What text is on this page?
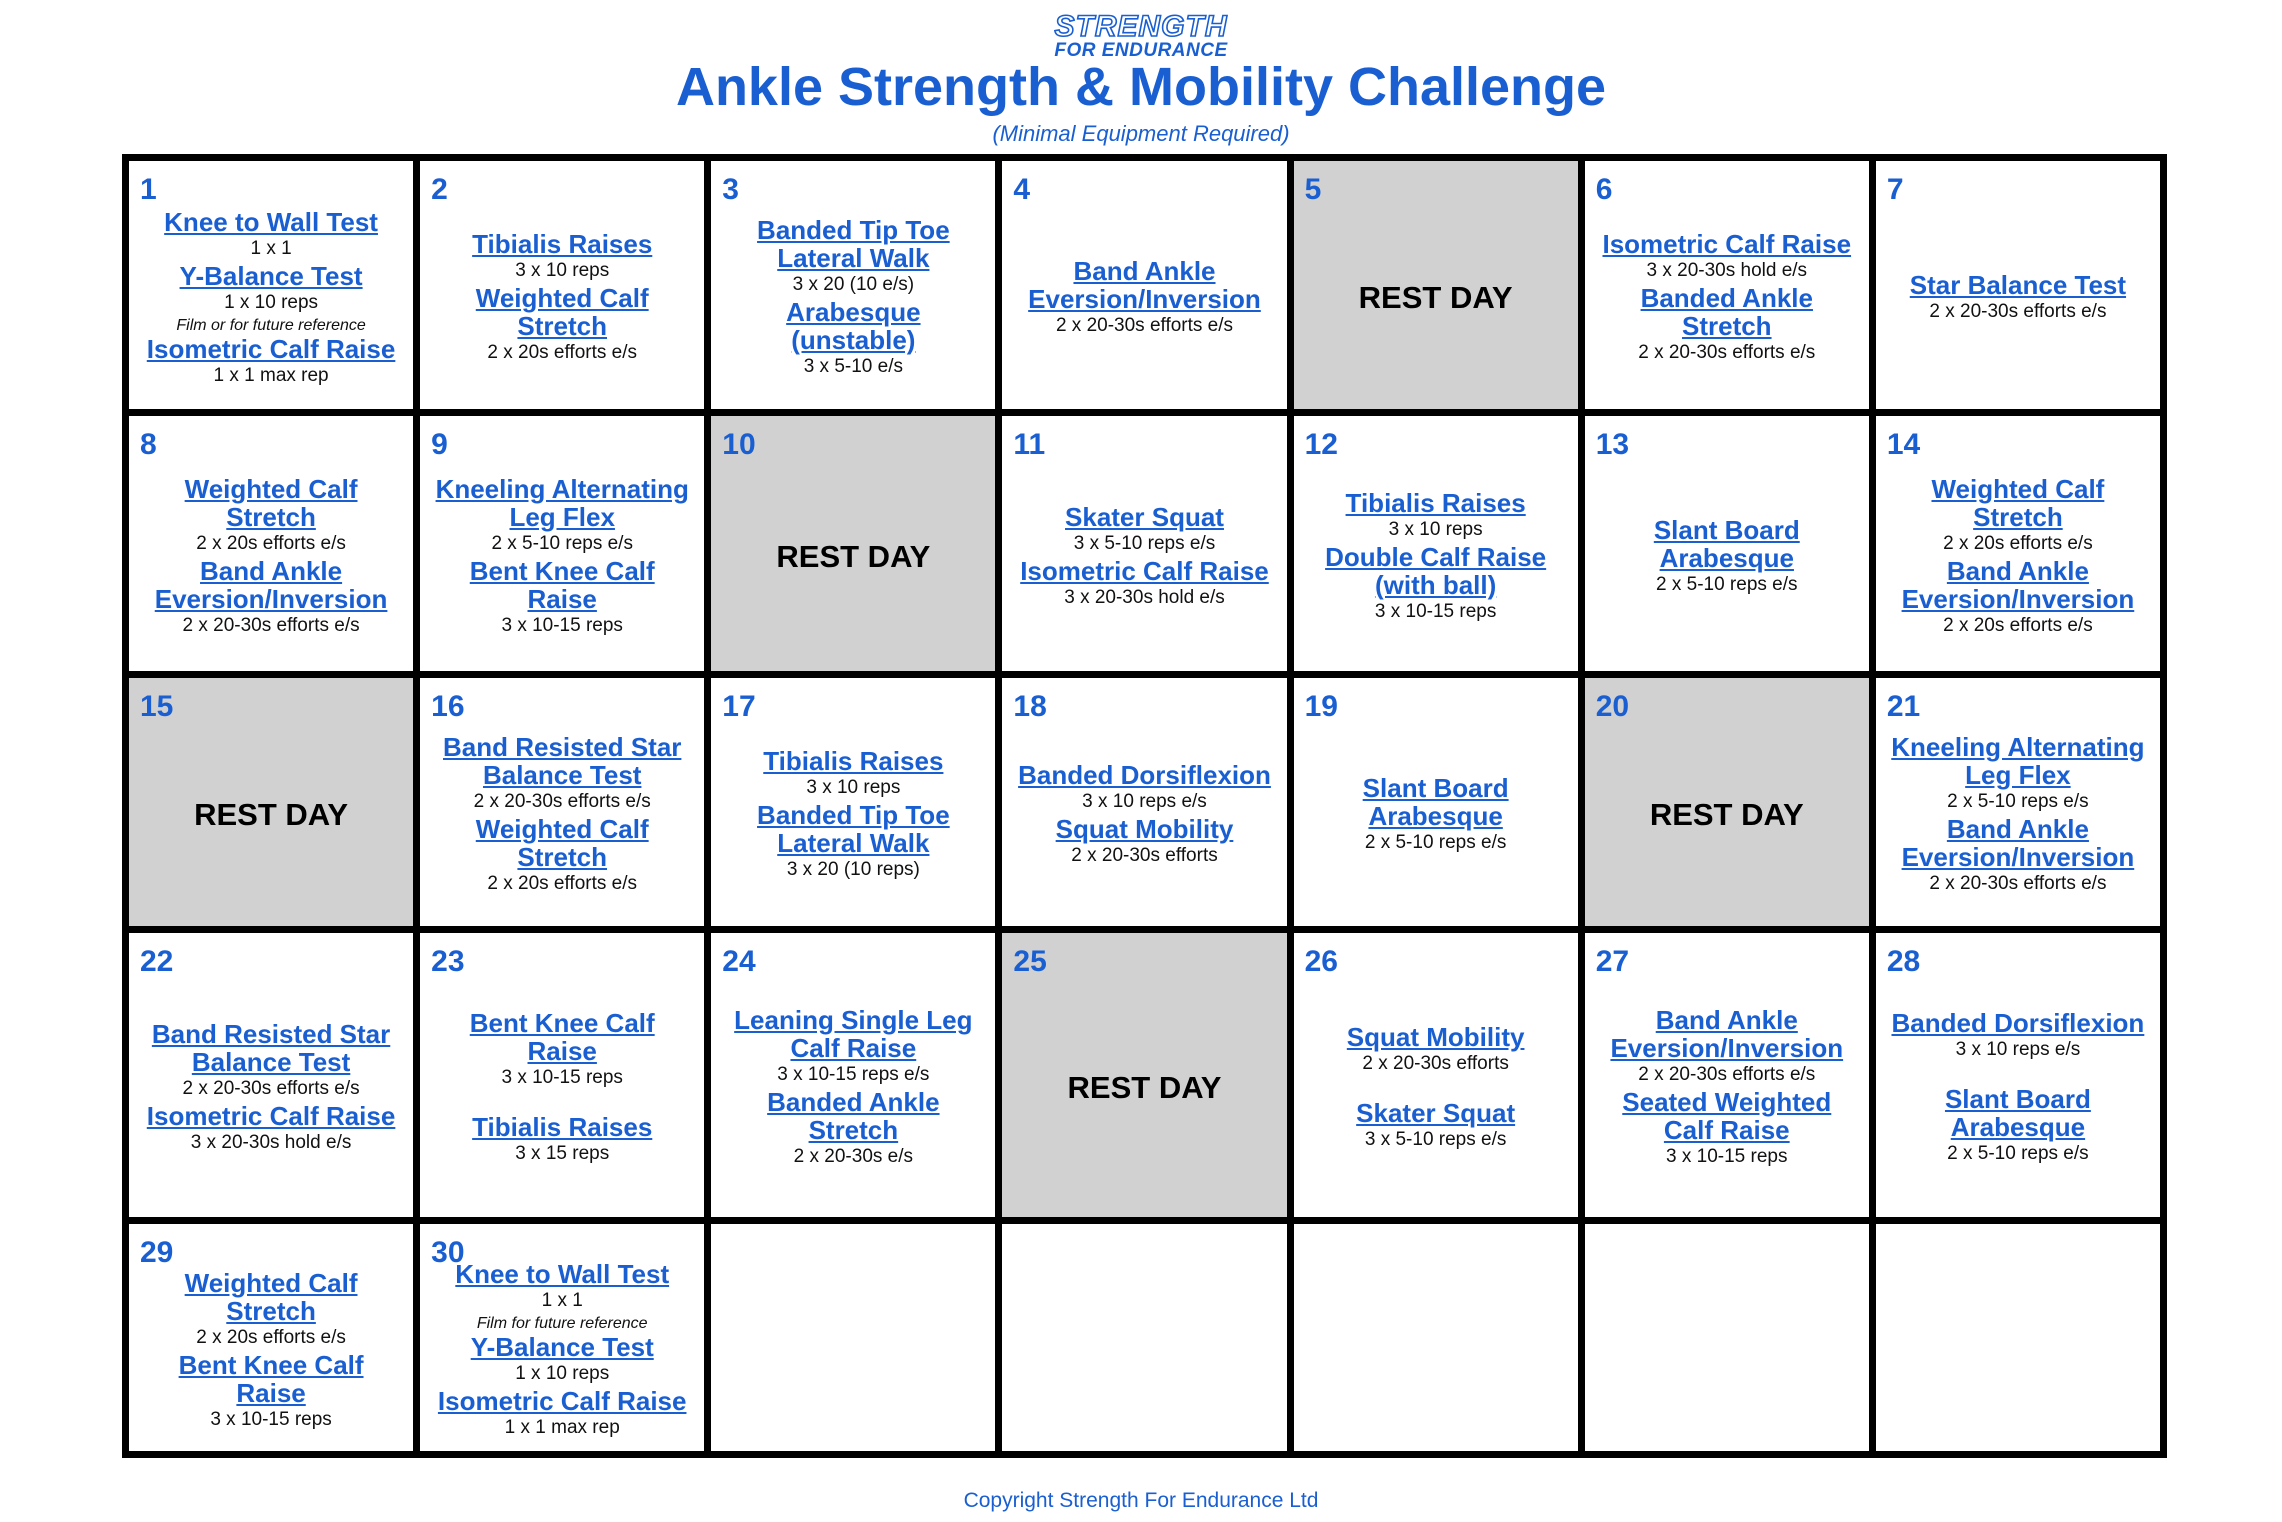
STRENGTH
FOR ENDURANCE
Ankle Strength & Mobility Challenge
(Minimal Equipment Required)
1
Knee to Wall Test
1 x 1
Y-Balance Test
1 x 10 reps
Film or for future reference
Isometric Calf Raise
1 x 1 max rep
2
Tibialis Raises
3 x 10 reps
Weighted Calf Stretch
2 x 20s efforts e/s
3
Banded Tip Toe Lateral Walk
3 x 20 (10 e/s)
Arabesque (unstable)
3 x 5-10 e/s
4
Band Ankle Eversion/Inversion
2 x 20-30s efforts e/s
5
REST DAY
6
Isometric Calf Raise
3 x 20-30s hold e/s
Banded Ankle Stretch
2 x 20-30s efforts e/s
7
Star Balance Test
2 x 20-30s efforts e/s
8
Weighted Calf Stretch
2 x 20s efforts e/s
Band Ankle Eversion/Inversion
2 x 20-30s efforts e/s
9
Kneeling Alternating Leg Flex
2 x 5-10 reps e/s
Bent Knee Calf Raise
3 x 10-15 reps
10
REST DAY
11
Skater Squat
3 x 5-10 reps e/s
Isometric Calf Raise
3 x 20-30s hold e/s
12
Tibialis Raises
3 x 10 reps
Double Calf Raise (with ball)
3 x 10-15 reps
13
Slant Board Arabesque
2 x 5-10 reps e/s
14
Weighted Calf Stretch
2 x 20s efforts e/s
Band Ankle Eversion/Inversion
2 x 20s efforts e/s
15
REST DAY
16
Band Resisted Star Balance Test
2 x 20-30s efforts e/s
Weighted Calf Stretch
2 x 20s efforts e/s
17
Tibialis Raises
3 x 10 reps
Banded Tip Toe Lateral Walk
3 x 20 (10 reps)
18
Banded Dorsiflexion
3 x 10 reps e/s
Squat Mobility
2 x 20-30s efforts
19
Slant Board Arabesque
2 x 5-10 reps e/s
20
REST DAY
21
Kneeling Alternating Leg Flex
2 x 5-10 reps e/s
Band Ankle Eversion/Inversion
2 x 20-30s efforts e/s
22
Band Resisted Star Balance Test
2 x 20-30s efforts e/s
Isometric Calf Raise
3 x 20-30s hold e/s
23
Bent Knee Calf Raise
3 x 10-15 reps
Tibialis Raises
3 x 15 reps
24
Leaning Single Leg Calf Raise
3 x 10-15 reps e/s
Banded Ankle Stretch
2 x 20-30s e/s
25
REST DAY
26
Squat Mobility
2 x 20-30s efforts
Skater Squat
3 x 5-10 reps e/s
27
Band Ankle Eversion/Inversion
2 x 20-30s efforts e/s
Seated Weighted Calf Raise
3 x 10-15 reps
28
Banded Dorsiflexion
3 x 10 reps e/s
Slant Board Arabesque
2 x 5-10 reps e/s
29
Weighted Calf Stretch
2 x 20s efforts e/s
Bent Knee Calf Raise
3 x 10-15 reps
30
Knee to Wall Test
1 x 1
Film for future reference
Y-Balance Test
1 x 10 reps
Isometric Calf Raise
1 x 1 max rep
Copyright Strength For Endurance Ltd
